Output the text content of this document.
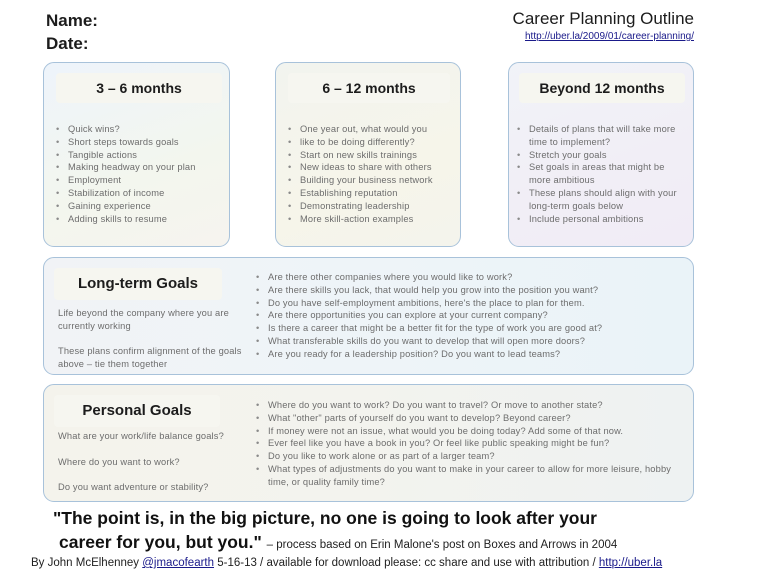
Name:
Date:
Career Planning Outline
http://uber.la/2009/01/career-planning/
3 – 6 months
• Quick wins?
• Short steps towards goals
• Tangible actions
• Making headway on your plan
• Employment
• Stabilization of income
• Gaining experience
• Adding skills to resume
6 – 12 months
• One year out, what would you
• like to be doing differently?
• Start on new skills trainings
• New ideas to share with others
• Building your business network
• Establishing reputation
• Demonstrating leadership
• More skill-action examples
Beyond 12 months
• Details of plans that will take more time to implement?
• Stretch your goals
• Set goals in areas that might be more ambitious
• These plans should align with your long-term goals below
• Include personal ambitions
Long-term Goals
Life beyond the company where you are currently working
These plans confirm alignment of the goals above – tie them together
• Are there other companies where you would like to work?
• Are there skills you lack, that would help you grow into the position you want?
• Do you have self-employment ambitions, here's the place to plan for them.
• Are there opportunities you can explore at your current company?
• Is there a career that might be a better fit for the type of work you are good at?
• What transferable skills do you want to develop that will open more doors?
• Are you ready for a leadership position? Do you want to lead teams?
Personal Goals
What are your work/life balance goals?
Where do you want to work?
Do you want adventure or stability?
• Where do you want to work? Do you want to travel? Or move to another state?
• What "other" parts of yourself do you want to develop? Beyond career?
• If money were not an issue, what would you be doing today? Add some of that now.
• Ever feel like you have a book in you? Or feel like public speaking might be fun?
• Do you like to work alone or as part of a larger team?
• What types of adjustments do you want to make in your career to allow for more leisure, hobby time, or quality family time?
"The point is, in the big picture, no one is going to look after your
career for you, but you." – process based on Erin Malone's post on Boxes and Arrows in 2004
By John McElhenney @jmacofearth 5-16-13 / available for download please: cc share and use with attribution / http://uber.la
